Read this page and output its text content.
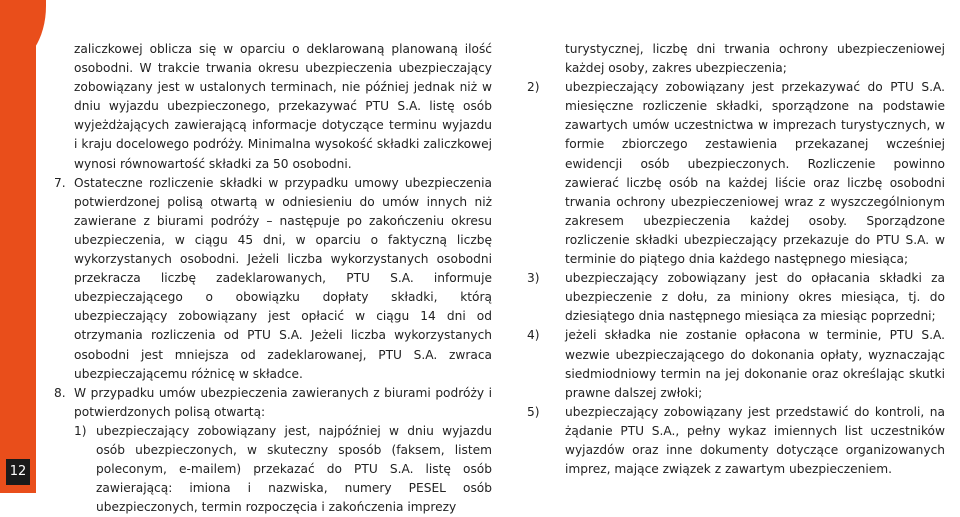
12

zaliczkowej oblicza się w oparciu o deklarowaną planowaną ilość osobodni. W trakcie trwania okresu ubezpieczenia ubezpieczający zobowiązany jest w ustalonych terminach, nie później jednak niż w dniu wyjazdu ubezpieczonego, przekazywać PTU S.A. listę osób wyjeżdżających zawierającą informacje dotyczące terminu wyjazdu i kraju docelowego podróży. Minimalna wysokość składki zaliczkowej wynosi równowartość składki za 50 osobodni.

7. Ostateczne rozliczenie składki w przypadku umowy ubezpieczenia potwierdzonej polisą otwartą w odniesieniu do umów innych niż zawierane z biurami podróży – następuje po zakończeniu okresu ubezpieczenia, w ciągu 45 dni, w oparciu o faktyczną liczbę wykorzystanych osobodni. Jeżeli liczba wykorzystanych osobodni przekracza liczbę zadeklarowanych, PTU S.A. informuje ubezpieczającego o obowiązku dopłaty składki, którą ubezpieczający zobowiązany jest opłacić w ciągu 14 dni od otrzymania rozliczenia od PTU S.A. Jeżeli liczba wykorzystanych osobodni jest mniejsza od zadeklarowanej, PTU S.A. zwraca ubezpieczającemu różnicę w składce.
8. W przypadku umów ubezpieczenia zawieranych z biurami podróży i potwierdzonych polisą otwartą:
1) ubezpieczający zobowiązany jest, najpóźniej w dniu wyjazdu osób ubezpieczonych, w skuteczny sposób (faksem, listem poleconym, e-mailem) przekazać do PTU S.A. listę osób zawierającą: imiona i nazwiska, numery PESEL osób ubezpieczonych, termin rozpoczęcia i zakończenia imprezy

turystycznej, liczbę dni trwania ochrony ubezpieczeniowej każdej osoby, zakres ubezpieczenia;

2)	ubezpieczający zobowiązany jest przekazywać do PTU S.A. miesięczne rozliczenie składki, sporządzone na podstawie zawartych umów uczestnictwa w imprezach turystycznych, w formie zbiorczego zestawienia przekazanej wcześniej ewidencji osób ubezpieczonych. Rozliczenie powinno zawierać liczbę osób na każdej liście oraz liczbę osobodni trwania ochrony ubezpieczeniowej wraz z wyszczególnionym zakresem ubezpieczenia każdej osoby. Sporządzone rozliczenie składki ubezpieczający przekazuje do PTU S.A. w terminie do piątego dnia każdego następnego miesiąca;
3)	ubezpieczający zobowiązany jest do opłacania składki za ubezpieczenie z dołu, za miniony okres miesiąca, tj. do dziesiątego dnia następnego miesiąca za miesiąc poprzedni;
4)	jeżeli składka nie zostanie opłacona w terminie, PTU S.A. wezwie ubezpieczającego do dokonania opłaty, wyznaczając siedmiodniowy termin na jej dokonanie oraz określając skutki prawne dalszej zwłoki;
5)	ubezpieczający zobowiązany jest przedstawić do kontroli, na żądanie PTU S.A., pełny wykaz imiennych list uczestników wyjazdów oraz inne dokumenty dotyczące organizowanych imprez, mające związek z zawartym ubezpieczeniem.
